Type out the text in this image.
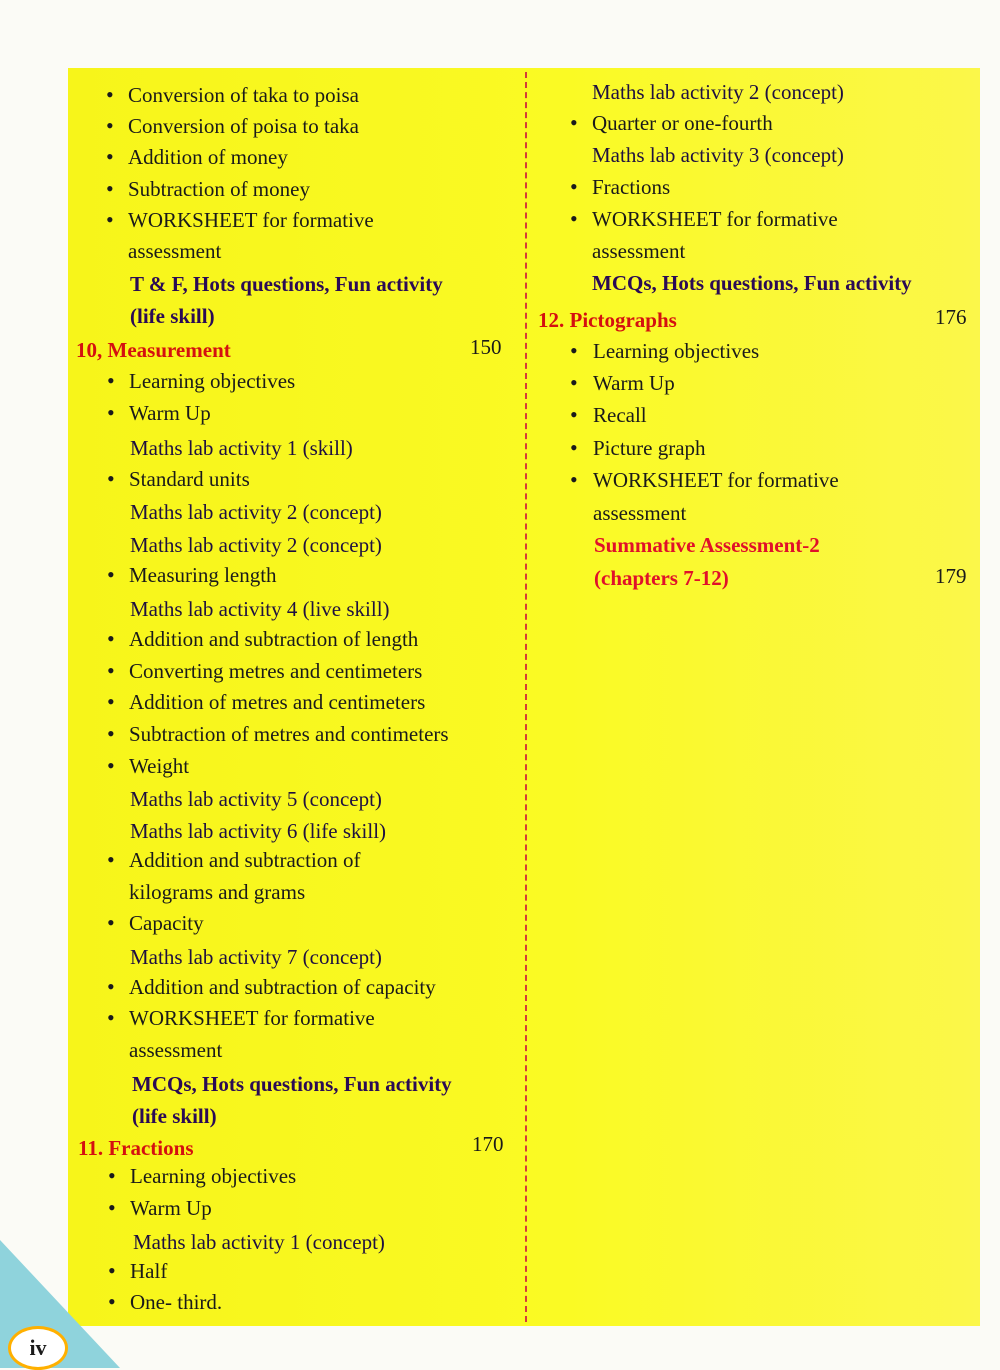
• Conversion of taka to poisa
• Conversion of poisa to taka
• Addition of money
• Subtraction of money
• WORKSHEET for formative
assessment
T & F, Hots questions, Fun activity
(life skill)
10, Measurement	150
MCQs, Hots questions, Fun activity
(life skill)
11. Fractions	170
MCQs, Hots questions, Fun activity
12. Pictographs	176
Summative Assessment-2
(chapters 7-12)	179
iv
• Learning objectives
• Warm Up
Maths lab activity 1 (skill)
• Standard units
Maths lab activity 2 (concept)
Maths lab activity 2 (concept)
• Measuring length
Maths lab activity 4 (live skill)
• Addition and subtraction of length
• Converting metres and centimeters
• Addition of metres and centimeters
• Subtraction of metres and contimeters
• Weight
Maths lab activity 5 (concept)
Maths lab activity 6 (life skill)
• Addition and subtraction of
kilograms and grams
• Capacity
Maths lab activity 7 (concept)
• Addition and subtraction of capacity
• WORKSHEET for formative
assessment
• Learning objectives
• Warm Up
Maths lab activity 1 (concept)
• Half
• One- third.
Maths lab activity 2 (concept)
• Quarter or one-fourth
Maths lab activity 3 (concept)
• Fractions
• WORKSHEET for formative
assessment
• Learning objectives
• Warm Up
• Recall
• Picture graph
• WORKSHEET for formative
assessment
